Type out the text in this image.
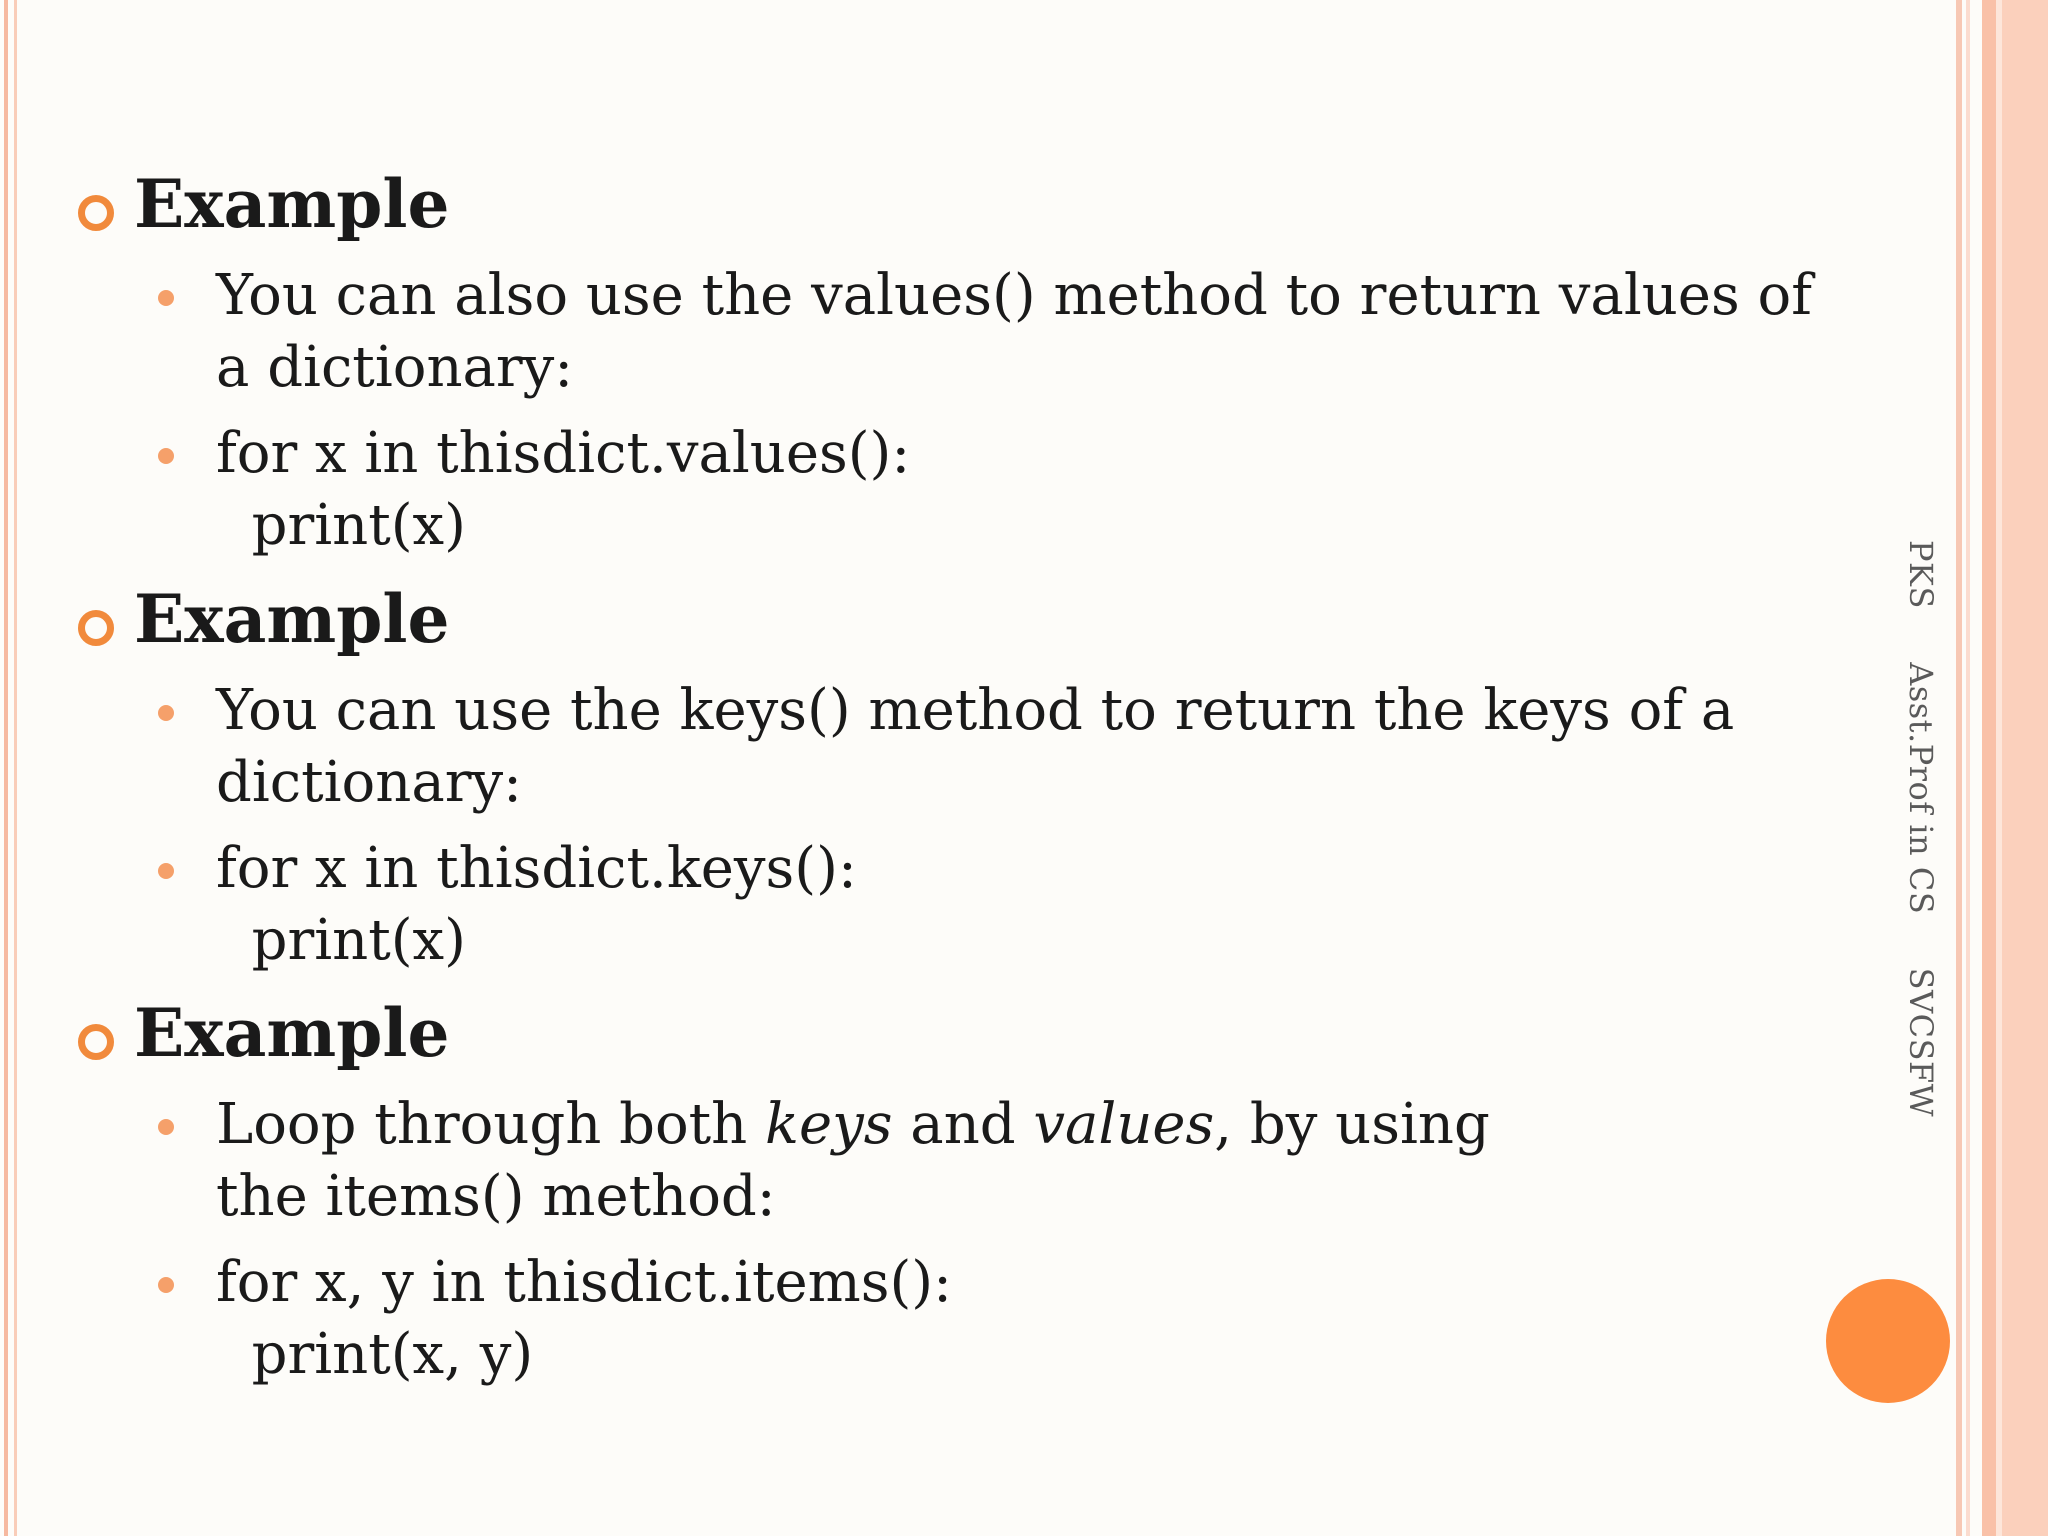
PKS     Asst.Prof in CS     SVCSFW
Example
You can also use the values() method to return values of a dictionary:
for x in thisdict.values():
print(x)
Example
You can use the keys() method to return the keys of a dictionary:
for x in thisdict.keys():
print(x)
Example
Loop through both keys and values, by using
the items() method:
for x, y in thisdict.items():
print(x, y)
